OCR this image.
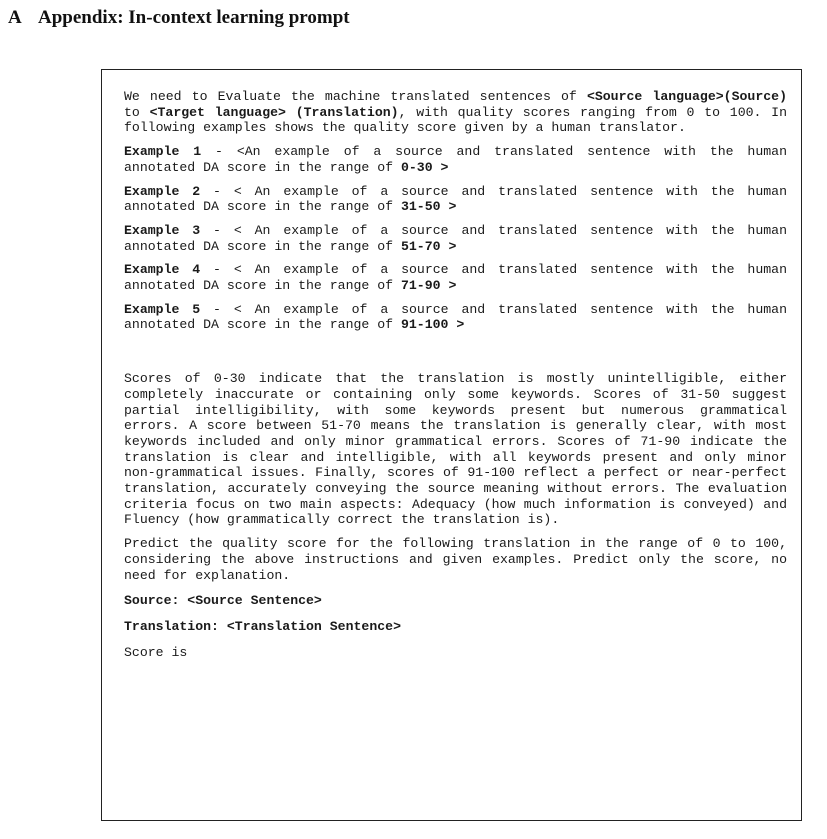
A Appendix: In-context learning prompt

We need to Evaluate the machine translated sentences of <Source language>(Source) to <Target language> (Translation), with quality scores ranging from 0 to 100. In following examples shows the quality score given by a human translator.

Example 1 - <An example of a source and translated sentence with the human annotated DA score in the range of 0-30 >

Example 2 - < An example of a source and translated sentence with the human annotated DA score in the range of 31-50 >

Example 3 - < An example of a source and translated sentence with the human annotated DA score in the range of 51-70 >

Example 4 - < An example of a source and translated sentence with the human annotated DA score in the range of 71-90 >

Example 5 - < An example of a source and translated sentence with the human annotated DA score in the range of 91-100 >

Scores of 0-30 indicate that the translation is mostly unintelligible, either completely inaccurate or containing only some keywords. Scores of 31-50 suggest partial intelligibility, with some keywords present but numerous grammatical errors. A score between 51-70 means the translation is generally clear, with most keywords included and only minor grammatical errors. Scores of 71-90 indicate the translation is clear and intelligible, with all keywords present and only minor non-grammatical issues. Finally, scores of 91-100 reflect a perfect or near-perfect translation, accurately conveying the source meaning without errors. The evaluation criteria focus on two main aspects: Adequacy (how much information is conveyed) and Fluency (how grammatically correct the translation is).

Predict the quality score for the following translation in the range of 0 to 100, considering the above instructions and given examples. Predict only the score, no need for explanation.

Source: <Source Sentence>

Translation: <Translation Sentence>

Score is
